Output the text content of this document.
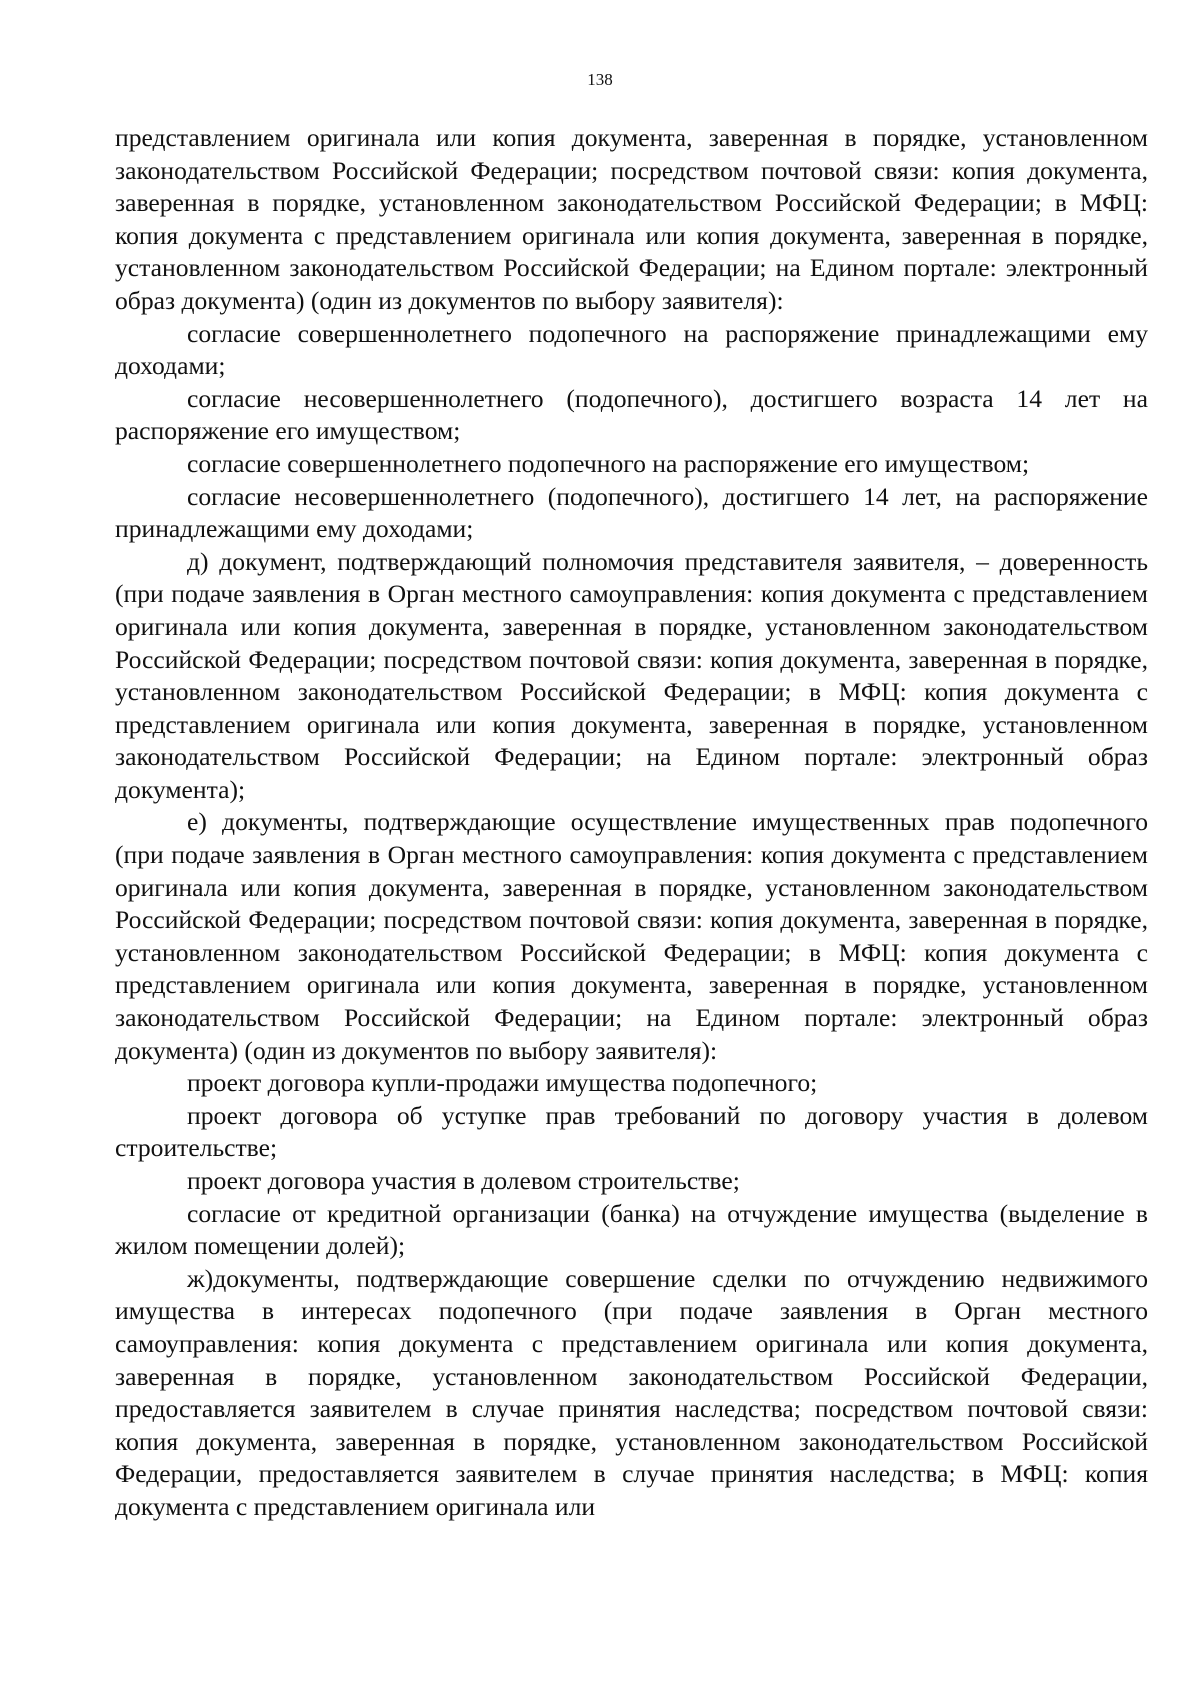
138

представлением оригинала или копия документа, заверенная в порядке, установленном законодательством Российской Федерации; посредством почтовой связи: копия документа, заверенная в порядке, установленном законодательством Российской Федерации; в МФЦ: копия документа с представлением оригинала или копия документа, заверенная в порядке, установленном законодательством Российской Федерации; на Едином портале: электронный образ документа) (один из документов по выбору заявителя):

согласие совершеннолетнего подопечного на распоряжение принадлежащими ему доходами;

согласие несовершеннолетнего (подопечного), достигшего возраста 14 лет на распоряжение его имуществом;

согласие совершеннолетнего подопечного на распоряжение его имуществом;

согласие несовершеннолетнего (подопечного), достигшего 14 лет, на распоряжение принадлежащими ему доходами;

д) документ, подтверждающий полномочия представителя заявителя, – доверенность (при подаче заявления в Орган местного самоуправления: копия документа с представлением оригинала или копия документа, заверенная в порядке, установленном законодательством Российской Федерации; посредством почтовой связи: копия документа, заверенная в порядке, установленном законодательством Российской Федерации; в МФЦ: копия документа с представлением оригинала или копия документа, заверенная в порядке, установленном законодательством Российской Федерации; на Едином портале: электронный образ документа);

е) документы, подтверждающие осуществление имущественных прав подопечного (при подаче заявления в Орган местного самоуправления: копия документа с представлением оригинала или копия документа, заверенная в порядке, установленном законодательством Российской Федерации; посредством почтовой связи: копия документа, заверенная в порядке, установленном законодательством Российской Федерации; в МФЦ: копия документа с представлением оригинала или копия документа, заверенная в порядке, установленном законодательством Российской Федерации; на Едином портале: электронный образ документа) (один из документов по выбору заявителя):

проект договора купли-продажи имущества подопечного;

проект договора об уступке прав требований по договору участия в долевом строительстве;

проект договора участия в долевом строительстве;

согласие от кредитной организации (банка) на отчуждение имущества (выделение в жилом помещении долей);

ж)документы, подтверждающие совершение сделки по отчуждению недвижимого имущества в интересах подопечного (при подаче заявления в Орган местного самоуправления: копия документа с представлением оригинала или копия документа, заверенная в порядке, установленном законодательством Российской Федерации, предоставляется заявителем в случае принятия наследства; посредством почтовой связи: копия документа, заверенная в порядке, установленном законодательством Российской Федерации, предоставляется заявителем в случае принятия наследства; в МФЦ: копия документа с представлением оригинала или
